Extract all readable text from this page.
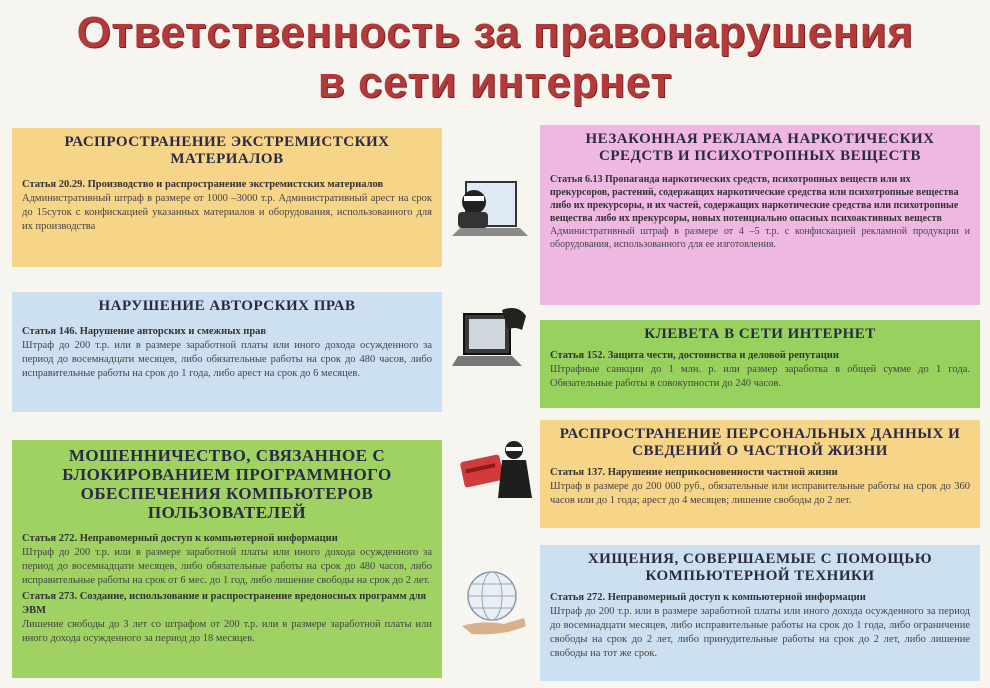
Ответственность за правонарушения
в сети интернет
РАСПРОСТРАНЕНИЕ ЭКСТРЕМИСТСКИХ МАТЕРИАЛОВ
Статья 20.29. Производство и распространение экстремистских материалов
Административный штраф в размере от 1000 –3000 т.р. Административный арест на срок до 15суток с конфискацией указанных материалов и оборудования, использованного для их производства
НАРУШЕНИЕ АВТОРСКИХ ПРАВ
Статья 146. Нарушение авторских и смежных прав
Штраф до 200 т.р. или в размере заработной платы или иного дохода осужденного за период до восемнадцати месяцев, либо обязательные работы на срок до 480 часов, либо исправительные работы на срок до 1 года, либо арест на срок до 6 месяцев.
МОШЕННИЧЕСТВО, СВЯЗАННОЕ С БЛОКИРОВАНИЕМ ПРОГРАММНОГО ОБЕСПЕЧЕНИЯ КОМПЬЮТЕРОВ ПОЛЬЗОВАТЕЛЕЙ
Статья 272. Неправомерный доступ к компьютерной информации
Штраф до 200 т.р. или в размере заработной платы или иного дохода осужденного за период до восемнадцати месяцев, либо обязательные работы на срок до 480 часов, либо исправительные работы на срок от 6 мес. до 1 год, либо лишение свободы на срок до 2 лет.
Статья 273. Создание, использование и распространение вредоносных программ для ЭВМ
Лишение свободы до 3 лет со штрафом от 200 т.р. или в размере заработной платы или иного дохода осужденного за период до 18 месяцев.
НЕЗАКОННАЯ РЕКЛАМА НАРКОТИЧЕСКИХ СРЕДСТВ И ПСИХОТРОПНЫХ ВЕЩЕСТВ
Статья 6.13 Пропаганда наркотических средств, психотропных веществ или их прекурсоров, растений, содержащих наркотические средства или психотропные вещества либо их прекурсоры, и их частей, содержащих наркотические средства или психотропные вещества либо их прекурсоры, новых потенциально опасных психоактивных веществ
Административный штраф в размере от 4 –5 т.р. с конфискацией рекламной продукции и оборудования, использованного для ее изготовления.
КЛЕВЕТА В СЕТИ ИНТЕРНЕТ
Статья 152. Защита чести, достоинства и деловой репутации
Штрафные санкции до 1 млн. р. или размер заработка в общей сумме до 1 года. Обязательные работы в совокупности до 240 часов.
РАСПРОСТРАНЕНИЕ ПЕРСОНАЛЬНЫХ ДАННЫХ И СВЕДЕНИЙ О ЧАСТНОЙ ЖИЗНИ
Статья 137. Нарушение неприкосновенности частной жизни
Штраф в размере до 200 000 руб., обязательные или исправительные работы на срок до 360 часов или до 1 года; арест до 4 месяцев; лишение свободы до 2 лет.
ХИЩЕНИЯ, СОВЕРШАЕМЫЕ С ПОМОЩЬЮ КОМПЬЮТЕРНОЙ ТЕХНИКИ
Статья 272. Неправомерный доступ к компьютерной информации
Штраф до 200 т.р. или в размере заработной платы или иного дохода осужденного за период до восемнадцати месяцев, либо исправительные работы на срок до 1 года, либо ограничение свободы на срок до 2 лет, либо принудительные работы на срок до 2 лет, либо лишение свободы на тот же срок.
